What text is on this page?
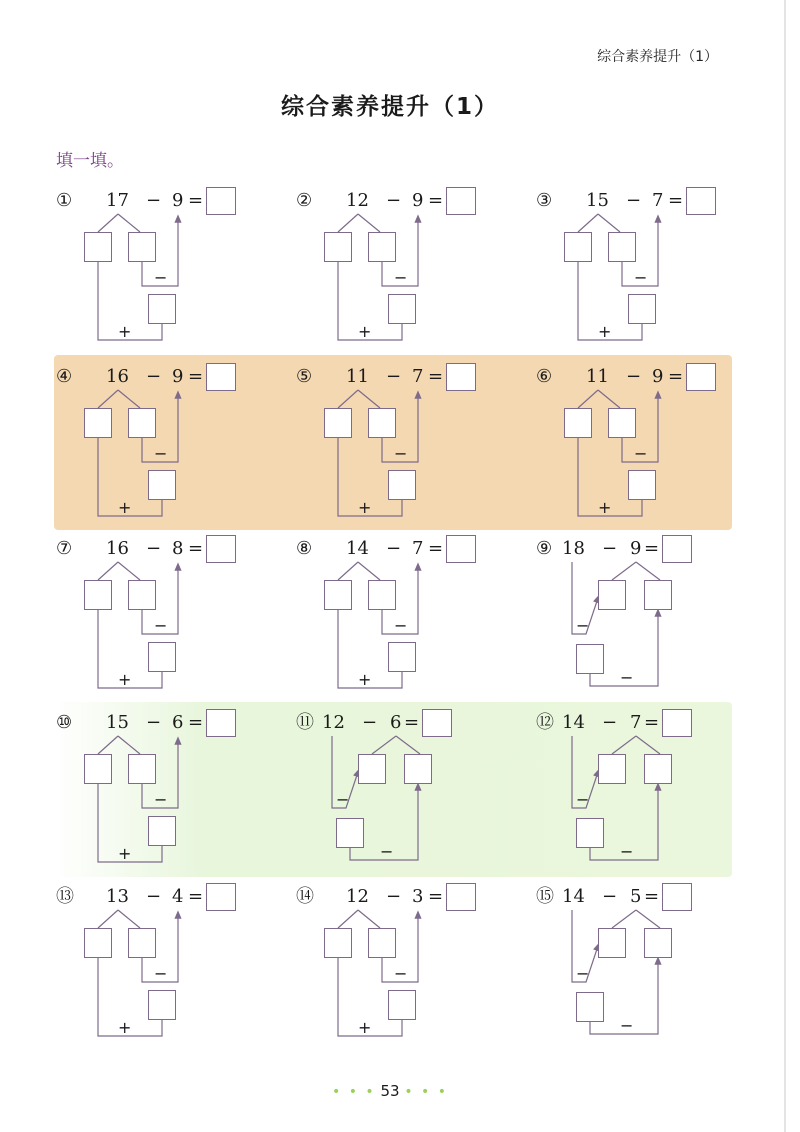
综合素养提升（1）
综合素养提升（1）
填一填。
① 17 − 9 =
−
+
② 12 − 9 =
−
+
③ 15 − 7 =
−
+
④ 16 − 9 =
−
+
⑤ 11 − 7 =
−
+
⑥ 11 − 9 =
−
+
⑦ 16 − 8 =
−
+
⑧ 14 − 7 =
−
+
⑨ 18 − 9 =
−
−
⑩ 15 − 6 =
−
+
⑪ 12 − 6 =
−
−
⑫ 14 − 7 =
−
−
⑬ 13 − 4 =
−
+
⑭ 12 − 3 =
−
+
⑮ 14 − 5 =
−
−
• • • 53 • • •
